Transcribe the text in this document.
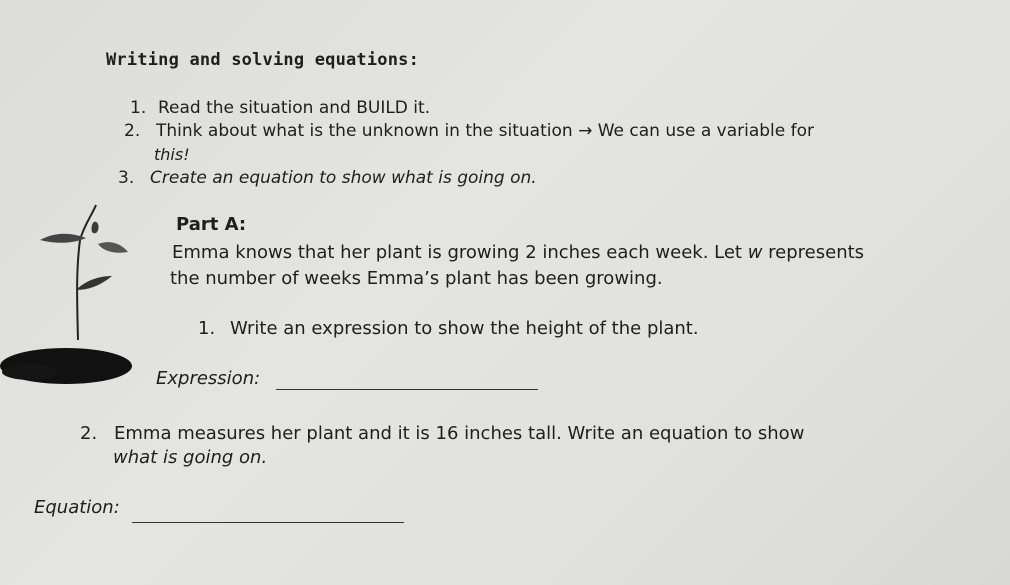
Writing and solving equations:
1. Read the situation and BUILD it.
2. Think about what is the unknown in the situation → We can use a variable for
this!
3. Create an equation to show what is going on.
Part A:
Emma knows that her plant is growing 2 inches each week. Let w represents
the number of weeks Emma’s plant has been growing.
1. Write an expression to show the height of the plant.
Expression:
2. Emma measures her plant and it is 16 inches tall. Write an equation to show
what is going on.
Equation:
